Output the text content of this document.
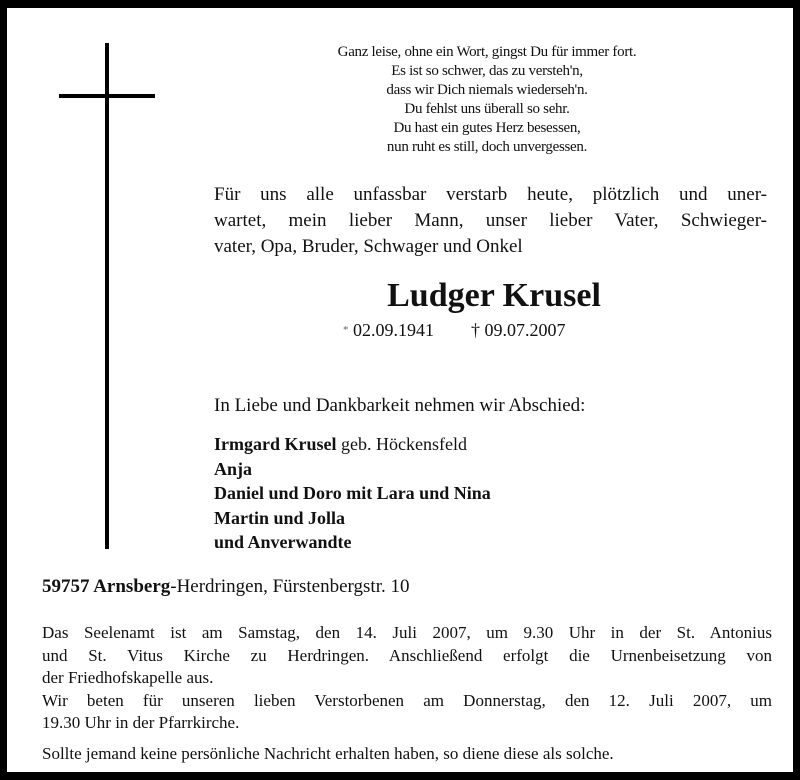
Ganz leise, ohne ein Wort, gingst Du für immer fort.
Es ist so schwer, das zu versteh'n,
dass wir Dich niemals wiederseh'n.
Du fehlst uns überall so sehr.
Du hast ein gutes Herz besessen,
nun ruht es still, doch unvergessen.
Für uns alle unfassbar verstarb heute, plötzlich und uner-
wartet, mein lieber Mann, unser lieber Vater, Schwieger-
vater, Opa, Bruder, Schwager und Onkel
Ludger Krusel
* 02.09.1941 † 09.07.2007
In Liebe und Dankbarkeit nehmen wir Abschied:
Irmgard Krusel geb. Höckensfeld
Anja
Daniel und Doro mit Lara und Nina
Martin und Jolla
und Anverwandte
59757 Arnsberg-Herdringen, Fürstenbergstr. 10
Das Seelenamt ist am Samstag, den 14. Juli 2007, um 9.30 Uhr in der St. Antonius
und St. Vitus Kirche zu Herdringen. Anschließend erfolgt die Urnenbeisetzung von
der Friedhofskapelle aus.
Wir beten für unseren lieben Verstorbenen am Donnerstag, den 12. Juli 2007, um
19.30 Uhr in der Pfarrkirche.
Sollte jemand keine persönliche Nachricht erhalten haben, so diene diese als solche.
